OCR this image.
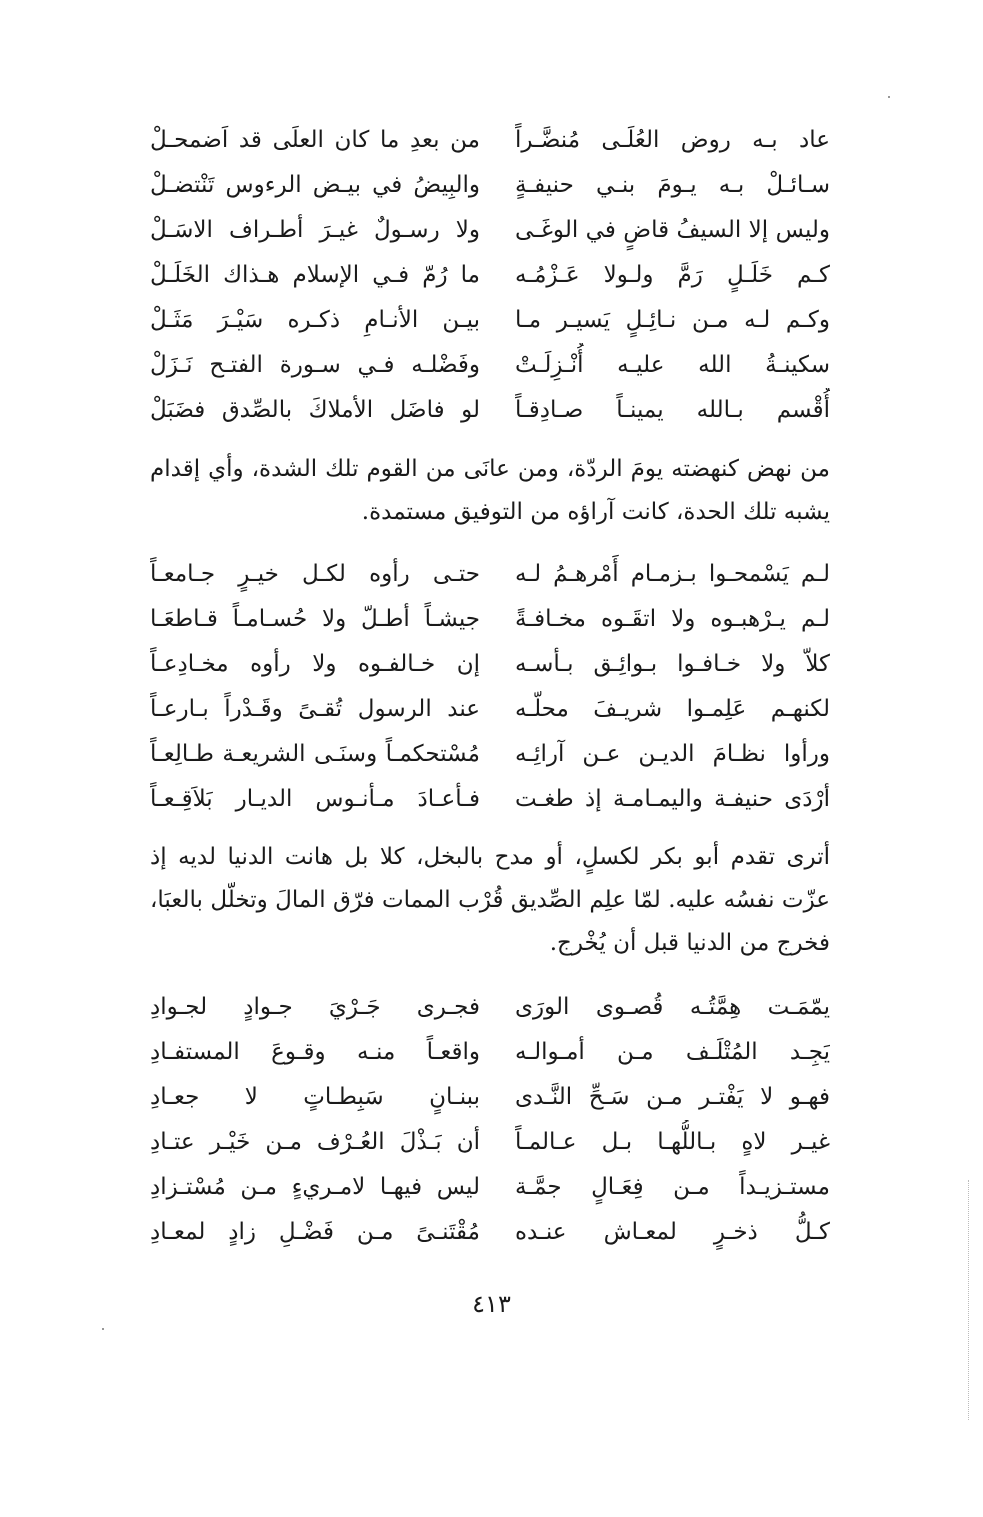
عاد بـه روض العُلَـى مُنضَّـراً
من بعدِ ما كان العلَى قد اَضمحـلْ
سـائـلْ بـه يـومَ بنـي حنيفـةٍ
والبِيضُ في بيـض الرءوس تَنْتضـلْ
وليس إلا السيفُ قاضٍ في الوغَـى
ولا رسـولٌ غيـرَ أطـراف الاسَـلْ
كـم خَلَـلٍ رَمَّ ولـولا عَـزْمُـه
ما رُمّ فـي الإسلام هـذاك الخَلَـلْ
وكـم لـه مـن نـائِـلٍ يَسيـر مـا
بيـن الأنـامِ ذكـره سَيْـرَ مَثَـلْ
سكينـةُ الله عليـه أُنْـزِلَـتْ
وفَضْلـه فـي سـورة الفتـح نَـزَلْ
أُقْسم بـالله يمينـاً صـادِقـاً
لو فاضَل الأملاكَ بالصِّدق فضَبَلْ

من نهض كنهضته يومَ الردّة، ومن عانَى من القوم تلك الشدة، وأي إقدام يشبه تلك الحدة، كانت آراؤه من التوفيق مستمدة.

لـم يَسْمحـوا بـزمـام أَمْرهـمُ لـه
حتـى رأوه لكـل خيـرٍ جـامعـاً
لـم يـرْهبـوه ولا اتقَـوه مخـافـةً
جيشـاً أطـلّ ولا حُسـامـاً قـاطعَـا
كلاّ ولا خـافـوا بـوائِـق بـأسـه
إن خـالفـوه ولا رأوه مخـادِعـاً
لكنهـم عَلِمـوا شريـفَ محلّـه
عند الرسول تُقـىً وقَـدْراً بـارعـاً
ورأوا نظـامَ الديـن عـن آرائِـه
مُسْتحكمـاً وسنَـى الشريعـة طـالِعـاً
أرْدَى حنيفـة واليمـامـة إذ طغـت
فـأعـادَ مـأنـوس الديـار بَلاَقِـعـاً

أترى تقدم أبو بكر لكسلٍ، أو مدح بالبخل، كلا بل هانت الدنيا لديه إذ عزّت نفسُه عليه. لمّا علِم الصِّديق قُرْب الممات فرّق المالَ وتخلّل بالعبَا، فخرج من الدنيا قبل أن يُخْرج.

يمّمَـت هِمَّتُـه قُصـوى الورَى
فجـرى جَـرْيَ جـوادٍ لجـوادِ
يَجِـد المُتْلَـف مـن أمـوالـه
واقعـاً منـه وقـوعَ المستفـادِ
فهـو لا يَفْتـر مـن سَـحِّ النَّـدى
ببنـانٍ سَبِطـاتٍ لا جعـادِ
غيـر لاهٍ بـاللُّهـا بـل عـالمـاً
أن بَـذْلَ العُـرْف مـن خَيْـر عتـادِ
مستـزيـداً مـن فِعَـالٍ جمَّـة
ليس فيهـا لامـريءٍ مـن مُسْتـزادِ
كـلُّ ذخـرٍ لمعـاش عنـده
مُقْتَنـىً مـن فَضْـلِ زادٍ لمعـادِ
٤١٣
